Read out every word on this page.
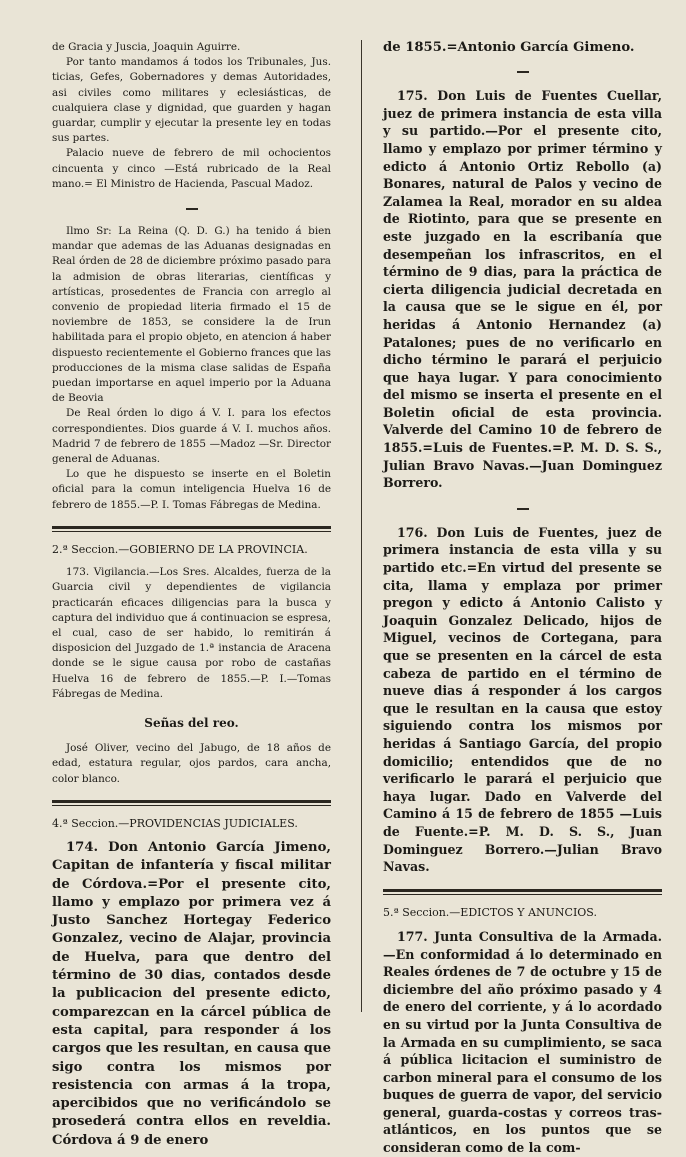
de Gracia y Juscia, Joaquin Aguirre.

Por tanto mandamos á todos los Tribunales, Jus. ticias, Gefes, Gobernadores y demas Autoridades, asi civiles como militares y eclesiásticas, de cualquiera clase y dignidad, que guarden y hagan guardar, cumplir y ejecutar la presente ley en todas sus partes.

Palacio nueve de febrero de mil ochocientos cincuenta y cinco —Está rubricado de la Real mano.= El Ministro de Hacienda, Pascual Madoz.

Ilmo Sr: La Reina (Q. D. G.) ha tenido á bien mandar que ademas de las Aduanas designadas en Real órden de 28 de diciembre próximo pasado para la admision de obras literarias, científicas y artísticas, prosedentes de Francia con arreglo al convenio de propiedad literia firmado el 15 de noviembre de 1853, se considere la de Irun habilitada para el propio objeto, en atencion á haber dispuesto recientemente el Gobierno frances que las producciones de la misma clase salidas de España puedan importarse en aquel imperio por la Aduana de Beovia

De Real órden lo digo á V. I. para los efectos correspondientes. Dios guarde á V. I. muchos años. Madrid 7 de febrero de 1855 —Madoz —Sr. Director general de Aduanas.

Lo que he dispuesto se inserte en el Boletin oficial para la comun inteligencia Huelva 16 de febrero de 1855.—P. I. Tomas Fábregas de Medina.

2.ª Seccion.—GOBIERNO DE LA PROVINCIA.

173. Vigilancia.—Los Sres. Alcaldes, fuerza de la Guarcia civil y dependientes de vigilancia practicarán eficaces diligencias para la busca y captura del individuo que á continuacion se espresa, el cual, caso de ser habido, lo remitirán á disposicion del Juzgado de 1.ª instancia de Aracena donde se le sigue causa por robo de castañas Huelva 16 de febrero de 1855.—P. I.—Tomas Fábregas de Medina.

Señas del reo.

José Oliver, vecino del Jabugo, de 18 años de edad, estatura regular, ojos pardos, cara ancha, color blanco.

4.ª Seccion.—PROVIDENCIAS JUDICIALES.

174. Don Antonio García Jimeno, Capitan de infantería y fiscal militar de Córdova.=Por el presente cito, llamo y emplazo por primera vez á Justo Sanchez Hortegay Federico Gonzalez, vecino de Alajar, provincia de Huelva, para que dentro del término de 30 dias, contados desde la publicacion del presente edicto, comparezcan en la cárcel pública de esta capital, para responder á los cargos que les resultan, en causa que sigo contra los mismos por resistencia con armas á la tropa, apercibidos que no verificándolo se prosederá contra ellos en reveldia. Córdova á 9 de enero

de 1855.=Antonio García Gimeno.

175. Don Luis de Fuentes Cuellar, juez de primera instancia de esta villa y su partido.—Por el presente cito, llamo y emplazo por primer término y edicto á Antonio Ortiz Rebollo (a) Bonares, natural de Palos y vecino de Zalamea la Real, morador en su aldea de Riotinto, para que se presente en este juzgado en la escribanía que desempeñan los infrascritos, en el término de 9 dias, para la práctica de cierta diligencia judicial decretada en la causa que se le sigue en él, por heridas á Antonio Hernandez (a) Patalones; pues de no verificarlo en dicho término le parará el perjuicio que haya lugar. Y para conocimiento del mismo se inserta el presente en el Boletin oficial de esta provincia. Valverde del Camino 10 de febrero de 1855.=Luis de Fuentes.=P. M. D. S. S., Julian Bravo Navas.—Juan Dominguez Borrero.

176. Don Luis de Fuentes, juez de primera instancia de esta villa y su partido etc.=En virtud del presente se cita, llama y emplaza por primer pregon y edicto á Antonio Calisto y Joaquin Gonzalez Delicado, hijos de Miguel, vecinos de Cortegana, para que se presenten en la cárcel de esta cabeza de partido en el término de nueve dias á responder á los cargos que le resultan en la causa que estoy siguiendo contra los mismos por heridas á Santiago García, del propio domicilio; entendidos que de no verificarlo le parará el perjuicio que haya lugar. Dado en Valverde del Camino á 15 de febrero de 1855 —Luis de Fuente.=P. M. D. S. S., Juan Dominguez Borrero.—Julian Bravo Navas.

5.ª Seccion.—EDICTOS Y ANUNCIOS.

177. Junta Consultiva de la Armada.—En conformidad á lo determinado en Reales órdenes de 7 de octubre y 15 de diciembre del año próximo pasado y 4 de enero del corriente, y á lo acordado en su virtud por la Junta Consultiva de la Armada en su cumplimiento, se saca á pública licitacion el suministro de carbon mineral para el consumo de los buques de guerra de vapor, del servicio general, guarda-costas y correos tras-atlánticos, en los puntos que se consideran como de la com-
